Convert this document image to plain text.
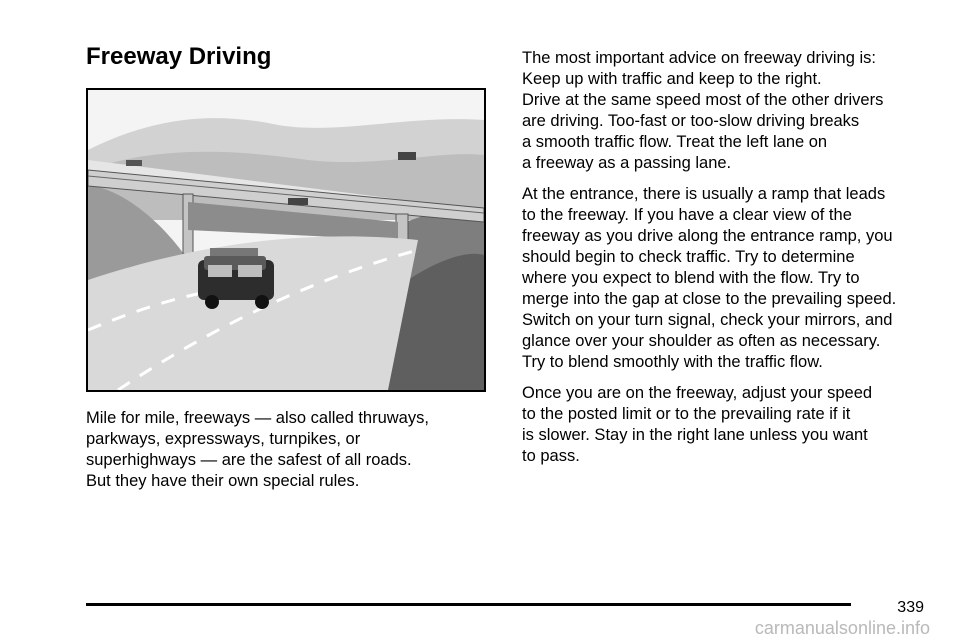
Freeway Driving

Mile for mile, freeways — also called thruways,
parkways, expressways, turnpikes, or
superhighways — are the safest of all roads.
But they have their own special rules.

The most important advice on freeway driving is:
Keep up with traffic and keep to the right.
Drive at the same speed most of the other drivers
are driving. Too-fast or too-slow driving breaks
a smooth traffic flow. Treat the left lane on
a freeway as a passing lane.

At the entrance, there is usually a ramp that leads
to the freeway. If you have a clear view of the
freeway as you drive along the entrance ramp, you
should begin to check traffic. Try to determine
where you expect to blend with the flow. Try to
merge into the gap at close to the prevailing speed.
Switch on your turn signal, check your mirrors, and
glance over your shoulder as often as necessary.
Try to blend smoothly with the traffic flow.

Once you are on the freeway, adjust your speed
to the posted limit or to the prevailing rate if it
is slower. Stay in the right lane unless you want
to pass.

339
carmanualsonline.info
